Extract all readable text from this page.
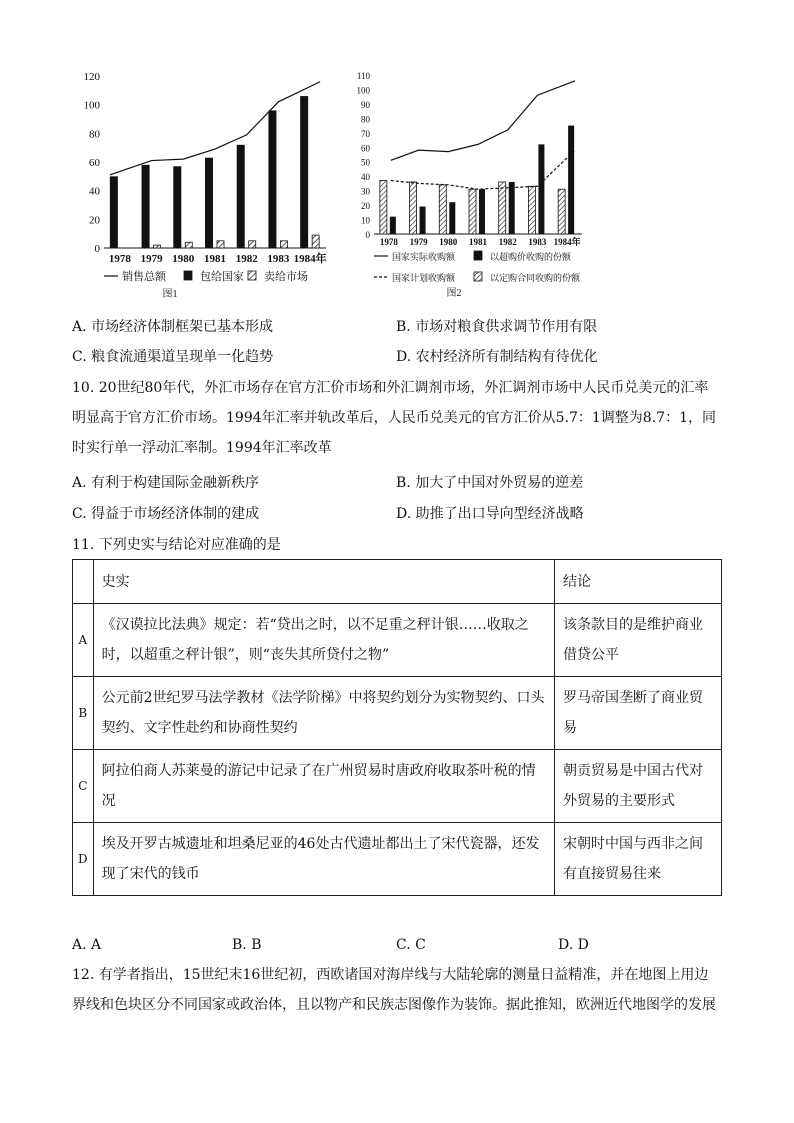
0
20
40
60
80
100
120
1978 1979 1980 1981 1982 1983 1984年
图1
销售总额	包给国家 卖给市场
0
10
20
30
40
50
60
70
80
90
100
110
1978 1979 1980 1981 1982 1983 1984年
图2
国家实际收购额	以超购价收购的份额
国家计划收购额	以定购合同收购的份额
A. 市场经济体制框架已基本形成	B. 市场对粮食供求调节作用有限
C. 粮食流通渠道呈现单一化趋势	D. 农村经济所有制结构有待优化
10. 20世纪80年代，外汇市场存在官方汇价市场和外汇调剂市场，外汇调剂市场中人民币兑美元的汇率明显高于官方汇价市场。1994年汇率并轨改革后，人民币兑美元的官方汇价从5.7：1调整为8.7：1，同时实行单一浮动汇率制。1994年汇率改革
A. 有利于构建国际金融新秩序	B. 加大了中国对外贸易的逆差
C. 得益于市场经济体制的建成	D. 助推了出口导向型经济战略
11. 下列史实与结论对应准确的是
	史实	结论
A	《汉谟拉比法典》规定：若“贷出之时，以不足重之秤计银……收取之时，以超重之秤计银”，则“丧失其所贷付之物”	该条款目的是维护商业借贷公平
B	公元前2世纪罗马法学教材《法学阶梯》中将契约划分为实物契约、口头契约、文字性赴约和协商性契约	罗马帝国垄断了商业贸易
C	阿拉伯商人苏莱曼的游记中记录了在广州贸易时唐政府收取茶叶税的情况	朝贡贸易是中国古代对外贸易的主要形式
D	埃及开罗古城遗址和坦桑尼亚的46处古代遗址都出土了宋代瓷器，还发现了宋代的钱币	宋朝时中国与西非之间有直接贸易往来
A. A	B. B	C. C	D. D
12. 有学者指出，15世纪末16世纪初，西欧诸国对海岸线与大陆轮廓的测量日益精准，并在地图上用边界线和色块区分不同国家或政治体，且以物产和民族志图像作为装饰。据此推知，欧洲近代地图学的发展
